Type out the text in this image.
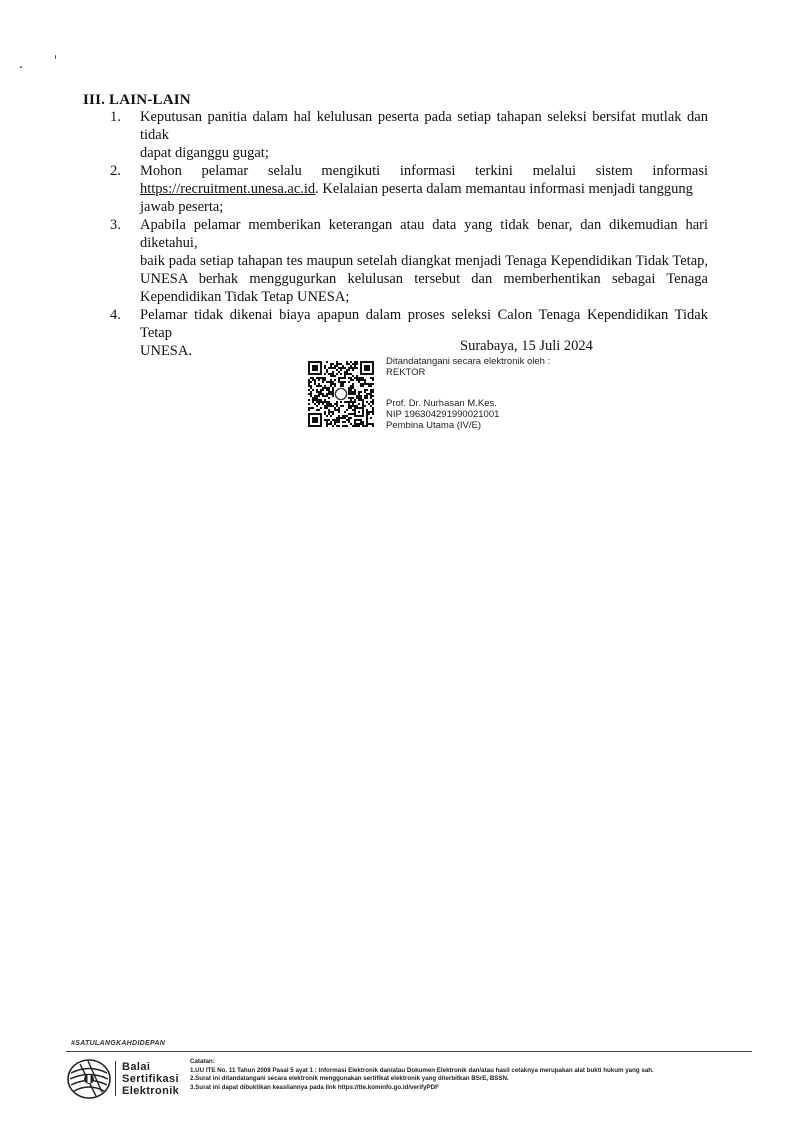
III. LAIN-LAIN
1.	Keputusan panitia dalam hal kelulusan peserta pada setiap tahapan seleksi bersifat mutlak dan tidak
dapat diganggu gugat;
2.	Mohon pelamar selalu mengikuti informasi terkini melalui sistem informasi
https://recruitment.unesa.ac.id. Kelalaian peserta dalam memantau informasi menjadi tanggung
jawab peserta;
3.	Apabila pelamar memberikan keterangan atau data yang tidak benar, dan dikemudian hari diketahui,
baik pada setiap tahapan tes maupun setelah diangkat menjadi Tenaga Kependidikan Tidak Tetap,
UNESA berhak menggugurkan kelulusan tersebut dan memberhentikan sebagai Tenaga
Kependidikan Tidak Tetap UNESA;
4.	Pelamar tidak dikenai biaya apapun dalam proses seleksi Calon Tenaga Kependidikan Tidak Tetap
UNESA.	Surabaya, 15 Juli 2024
Ditandatangani secara elektronik oleh :
REKTOR
Prof. Dr. Nurhasan M.Kes.
NIP 196304291990021001
Pembina Utama (IV/E)
#SATULANGKAHDIDEPAN
Balai
Sertifikasi
Elektronik
Catatan:
1.UU ITE No. 11 Tahun 2008 Pasal 5 ayat 1 : Informasi Elektronik dan/atau Dokumen Elektronik dan/atau hasil cetaknya merupakan alat bukti hukum yang sah.
2.Surat ini ditandatangani secara elektronik menggunakan sertifikat elektronik yang diterbitkan BSrE, BSSN.
3.Surat ini dapat dibuktikan keasliannya pada link https://tte.kominfo.go.id/verifyPDF
